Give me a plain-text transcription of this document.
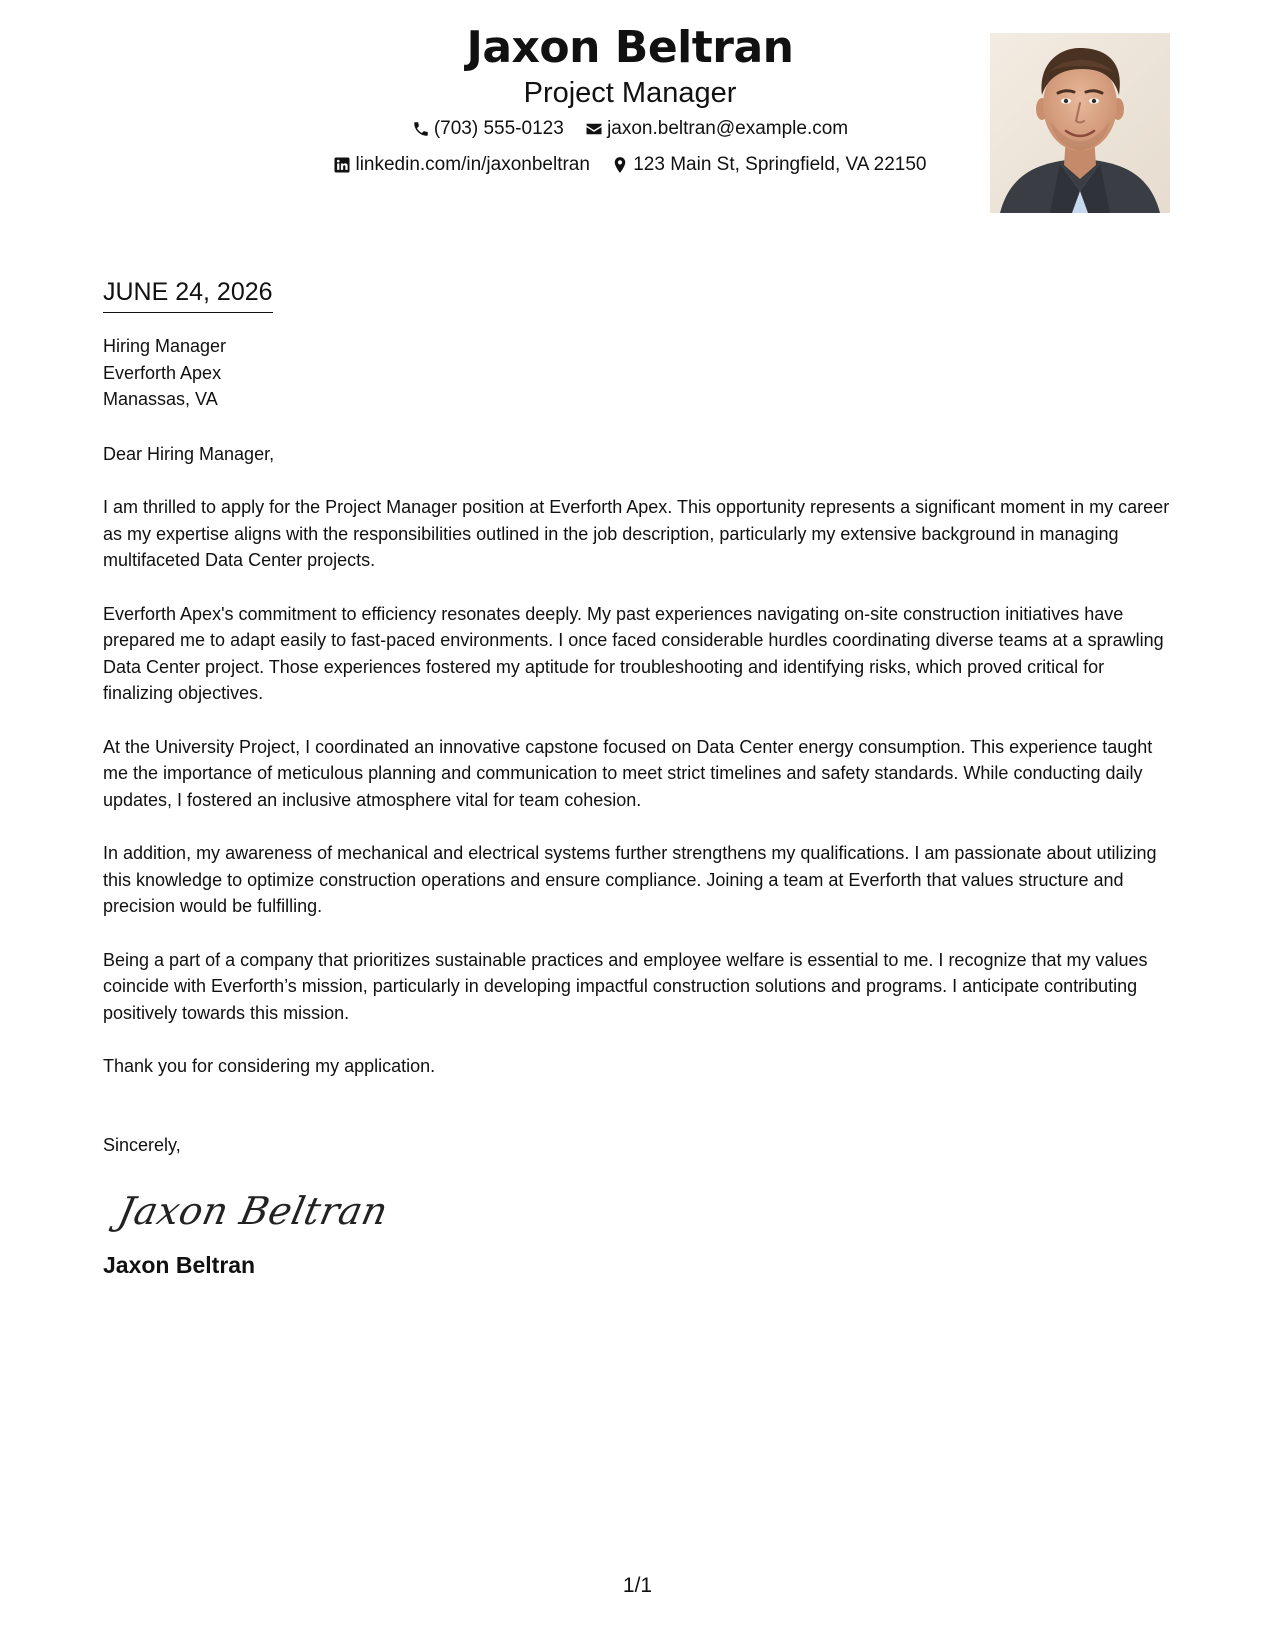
Jaxon Beltran
Project Manager
(703) 555-0123
jaxon.beltran@example.com
linkedin.com/in/jaxonbeltran
123 Main St, Springfield, VA 22150
JUNE 24, 2026
Hiring Manager
Everforth Apex
Manassas, VA
Dear Hiring Manager,
I am thrilled to apply for the Project Manager position at Everforth Apex. This opportunity represents a significant moment in my career as my expertise aligns with the responsibilities outlined in the job description, particularly my extensive background in managing multifaceted Data Center projects.
Everforth Apex's commitment to efficiency resonates deeply. My past experiences navigating on-site construction initiatives have prepared me to adapt easily to fast-paced environments. I once faced considerable hurdles coordinating diverse teams at a sprawling Data Center project. Those experiences fostered my aptitude for troubleshooting and identifying risks, which proved critical for finalizing objectives.
At the University Project, I coordinated an innovative capstone focused on Data Center energy consumption. This experience taught me the importance of meticulous planning and communication to meet strict timelines and safety standards. While conducting daily updates, I fostered an inclusive atmosphere vital for team cohesion.
In addition, my awareness of mechanical and electrical systems further strengthens my qualifications. I am passionate about utilizing this knowledge to optimize construction operations and ensure compliance. Joining a team at Everforth that values structure and precision would be fulfilling.
Being a part of a company that prioritizes sustainable practices and employee welfare is essential to me. I recognize that my values coincide with Everforth’s mission, particularly in developing impactful construction solutions and programs. I anticipate contributing positively towards this mission.
Thank you for considering my application.
Sincerely,
Jaxon Beltran
Jaxon Beltran
1/1
